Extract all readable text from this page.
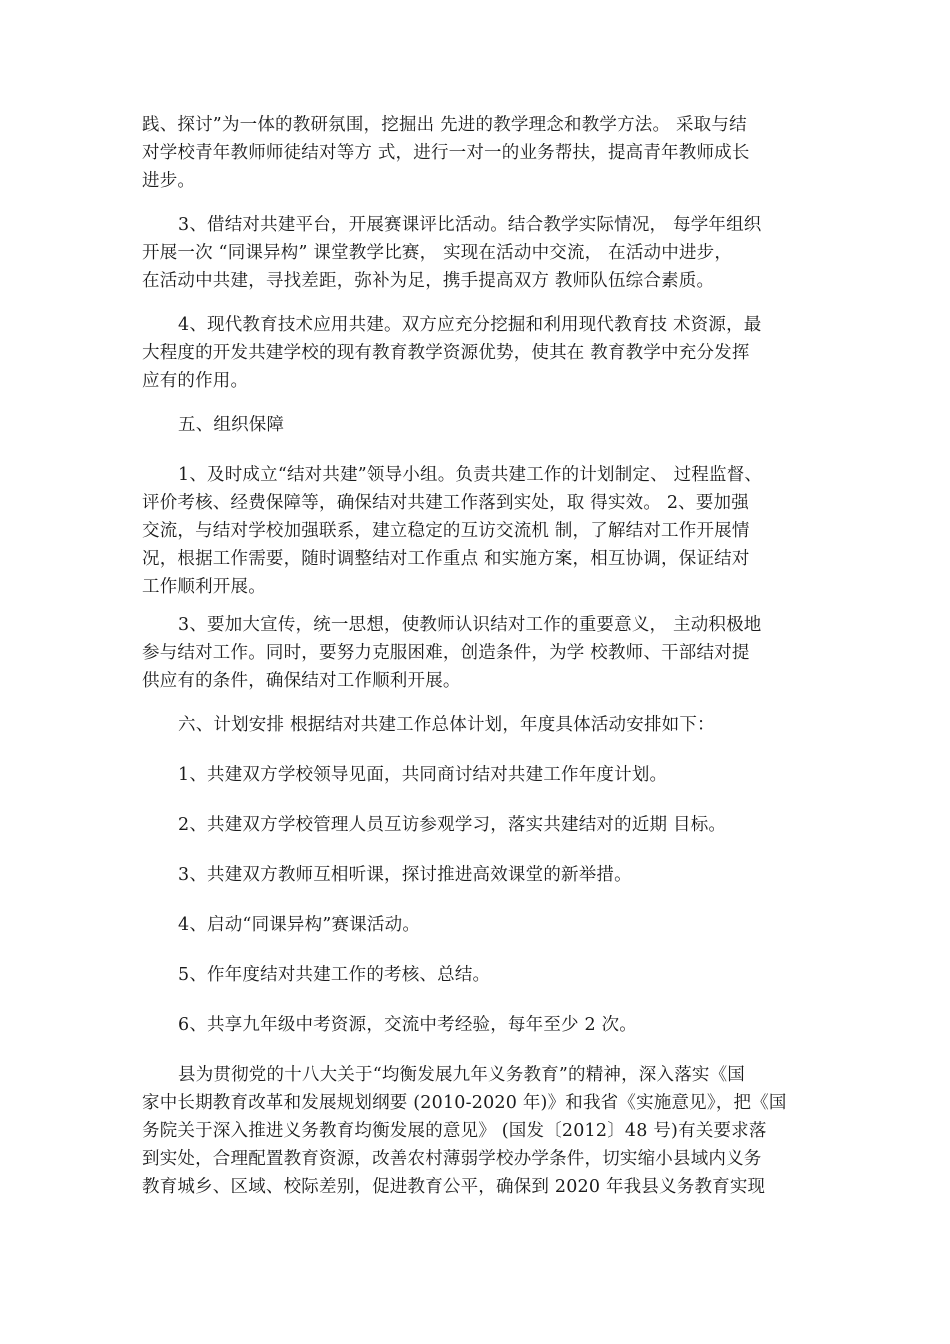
践、探讨”为一体的教研氛围，挖掘出 先进的教学理念和教学方法。 采取与结
对学校青年教师师徒结对等方 式，进行一对一的业务帮扶，提高青年教师成长
进步。
3、借结对共建平台，开展赛课评比活动。结合教学实际情况， 每学年组织
开展一次 “同课异构” 课堂教学比赛， 实现在活动中交流， 在活动中进步，
在活动中共建，寻找差距，弥补为足，携手提高双方 教师队伍综合素质。
4、现代教育技术应用共建。双方应充分挖掘和利用现代教育技 术资源，最
大程度的开发共建学校的现有教育教学资源优势，使其在 教育教学中充分发挥
应有的作用。
五、组织保障
1、及时成立“结对共建”领导小组。负责共建工作的计划制定、 过程监督、
评价考核、经费保障等，确保结对共建工作落到实处，取 得实效。 2、要加强
交流，与结对学校加强联系，建立稳定的互访交流机 制，了解结对工作开展情
况，根据工作需要，随时调整结对工作重点 和实施方案，相互协调，保证结对
工作顺利开展。
3、要加大宣传，统一思想，使教师认识结对工作的重要意义， 主动积极地
参与结对工作。同时，要努力克服困难，创造条件，为学 校教师、干部结对提
供应有的条件，确保结对工作顺利开展。
六、计划安排 根据结对共建工作总体计划，年度具体活动安排如下：
1、共建双方学校领导见面，共同商讨结对共建工作年度计划。
2、共建双方学校管理人员互访参观学习，落实共建结对的近期 目标。
3、共建双方教师互相听课，探讨推进高效课堂的新举措。
4、启动“同课异构”赛课活动。
5、作年度结对共建工作的考核、总结。
6、共享九年级中考资源，交流中考经验，每年至少 2 次。
县为贯彻党的十八大关于“均衡发展九年义务教育”的精神，深入落实《国
家中长期教育改革和发展规划纲要 (2010-2020 年)》和我省《实施意见》，把《国
务院关于深入推进义务教育均衡发展的意见》 (国发〔2012〕48 号)有关要求落
到实处，合理配置教育资源，改善农村薄弱学校办学条件，切实缩小县域内义务
教育城乡、区域、校际差别，促进教育公平，确保到 2020 年我县义务教育实现
